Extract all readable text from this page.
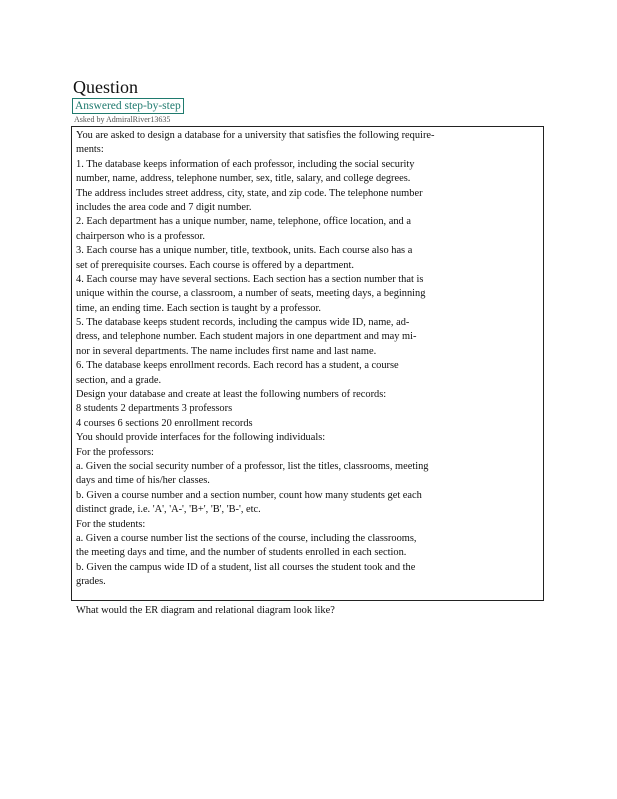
Question
Answered step-by-step
Asked by AdmiralRiver13635
You are asked to design a database for a university that satisfies the following require-
ments:
1. The database keeps information of each professor, including the social security
number, name, address, telephone number, sex, title, salary, and college degrees.
The address includes street address, city, state, and zip code. The telephone number
includes the area code and 7 digit number.
2. Each department has a unique number, name, telephone, office location, and a
chairperson who is a professor.
3. Each course has a unique number, title, textbook, units. Each course also has a
set of prerequisite courses. Each course is offered by a department.
4. Each course may have several sections. Each section has a section number that is
unique within the course, a classroom, a number of seats, meeting days, a beginning
time, an ending time. Each section is taught by a professor.
5. The database keeps student records, including the campus wide ID, name, ad-
dress, and telephone number. Each student majors in one department and may mi-
nor in several departments. The name includes first name and last name.
6. The database keeps enrollment records. Each record has a student, a course
section, and a grade.
Design your database and create at least the following numbers of records:
8 students 2 departments 3 professors
4 courses 6 sections 20 enrollment records
You should provide interfaces for the following individuals:
For the professors:
a. Given the social security number of a professor, list the titles, classrooms, meeting
days and time of his/her classes.
b. Given a course number and a section number, count how many students get each
distinct grade, i.e. 'A', 'A-', 'B+', 'B', 'B-', etc.
For the students:
a. Given a course number list the sections of the course, including the classrooms,
the meeting days and time, and the number of students enrolled in each section.
b. Given the campus wide ID of a student, list all courses the student took and the
grades.
What would the ER diagram and relational diagram look like?
